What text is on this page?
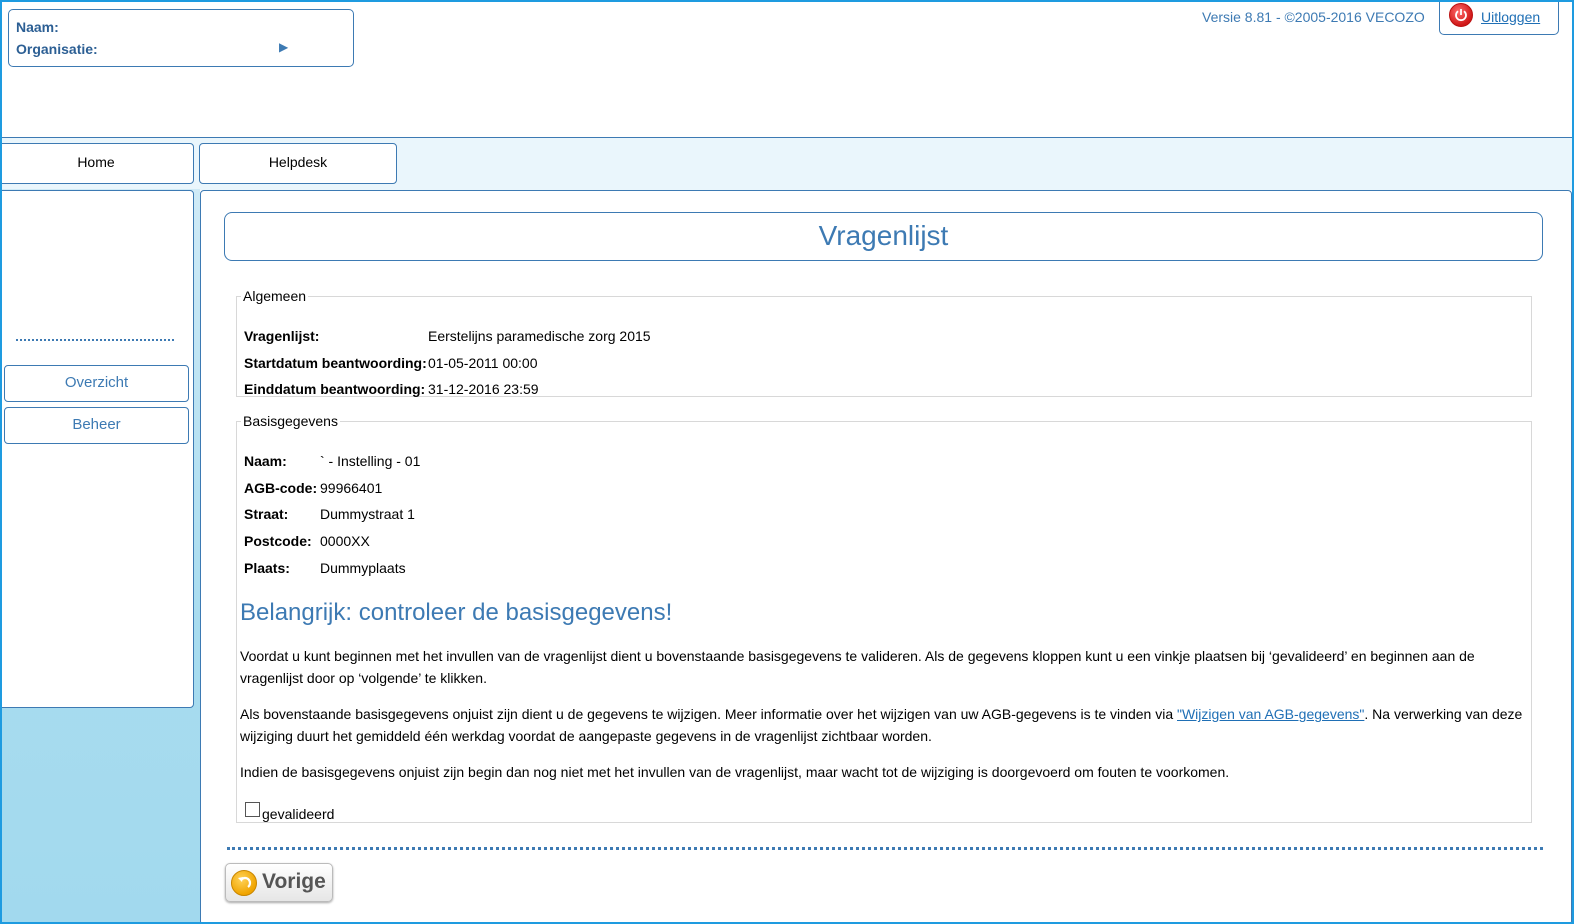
Naam:
Organisatie:	▶
Versie 8.81 - ©2005-2016 VECOZO	Uitloggen
Home	Helpdesk
Overzicht
Beheer
Vragenlijst
Algemeen
Vragenlijst:	Eerstelijns paramedische zorg 2015
Startdatum beantwoording: 01-05-2011 00:00
Einddatum beantwoording: 31-12-2016 23:59
Basisgegevens
Naam: ` - Instelling - 01
AGB-code: 99966401
Straat: Dummystraat 1
Postcode: 0000XX
Plaats: Dummyplaats
Belangrijk: controleer de basisgegevens!
Voordat u kunt beginnen met het invullen van de vragenlijst dient u bovenstaande basisgegevens te valideren. Als de gegevens kloppen kunt u een vinkje plaatsen bij ‘gevalideerd’ en beginnen aan de vragenlijst door op ‘volgende’ te klikken.
Als bovenstaande basisgegevens onjuist zijn dient u de gegevens te wijzigen. Meer informatie over het wijzigen van uw AGB-gegevens is te vinden via "Wijzigen van AGB-gegevens". Na verwerking van deze wijziging duurt het gemiddeld één werkdag voordat de aangepaste gegevens in de vragenlijst zichtbaar worden.
Indien de basisgegevens onjuist zijn begin dan nog niet met het invullen van de vragenlijst, maar wacht tot de wijziging is doorgevoerd om fouten te voorkomen.
gevalideerd
Vorige
